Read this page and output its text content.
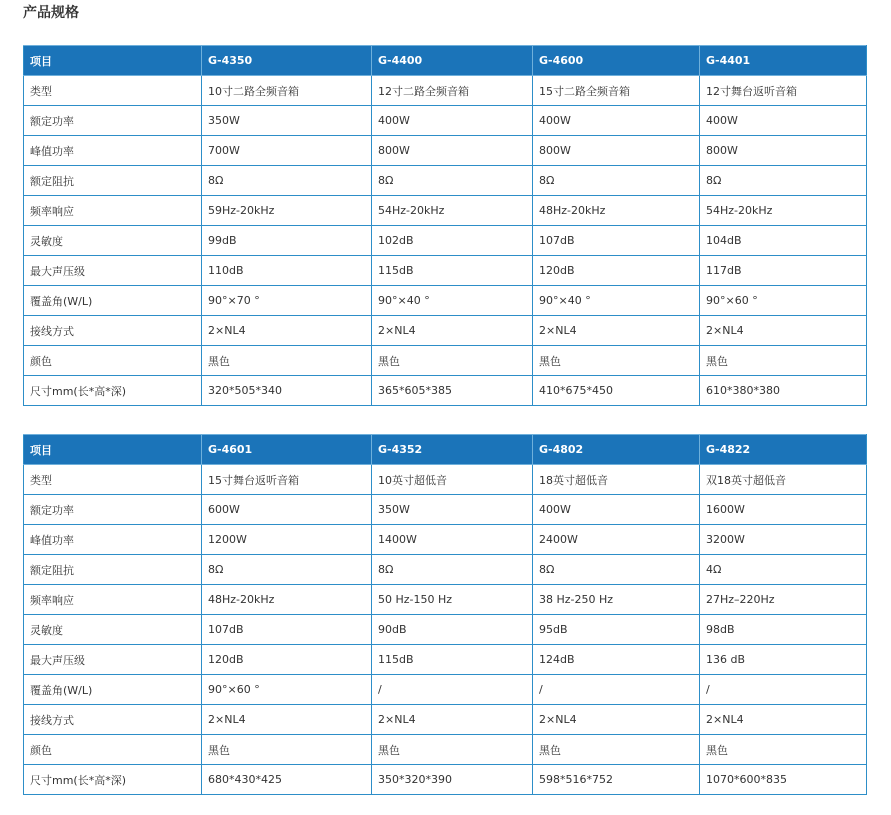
产品规格
项目	G-4350	G-4400	G-4600	G-4401
类型	10寸二路全频音箱	12寸二路全频音箱	15寸二路全频音箱	12寸舞台返听音箱
额定功率	350W	400W	400W	400W
峰值功率	700W	800W	800W	800W
额定阻抗	8Ω	8Ω	8Ω	8Ω
频率响应	59Hz-20kHz	54Hz-20kHz	48Hz-20kHz	54Hz-20kHz
灵敏度	99dB	102dB	107dB	104dB
最大声压级	110dB	115dB	120dB	117dB
覆盖角(W/L)	90°×70 °	90°×40 °	90°×40 °	90°×60 °
接线方式	2×NL4	2×NL4	2×NL4	2×NL4
颜色	黑色	黑色	黑色	黑色
尺寸mm(长*高*深)	320*505*340	365*605*385	410*675*450	610*380*380
项目	G-4601	G-4352	G-4802	G-4822
类型	15寸舞台返听音箱	10英寸超低音	18英寸超低音	双18英寸超低音
额定功率	600W	350W	400W	1600W
峰值功率	1200W	1400W	2400W	3200W
额定阻抗	8Ω	8Ω	8Ω	4Ω
频率响应	48Hz-20kHz	50 Hz-150 Hz	38 Hz-250 Hz	27Hz–220Hz
灵敏度	107dB	90dB	95dB	98dB
最大声压级	120dB	115dB	124dB	136 dB
覆盖角(W/L)	90°×60 °	/	/	/
接线方式	2×NL4	2×NL4	2×NL4	2×NL4
颜色	黑色	黑色	黑色	黑色
尺寸mm(长*高*深)	680*430*425	350*320*390	598*516*752	1070*600*835
